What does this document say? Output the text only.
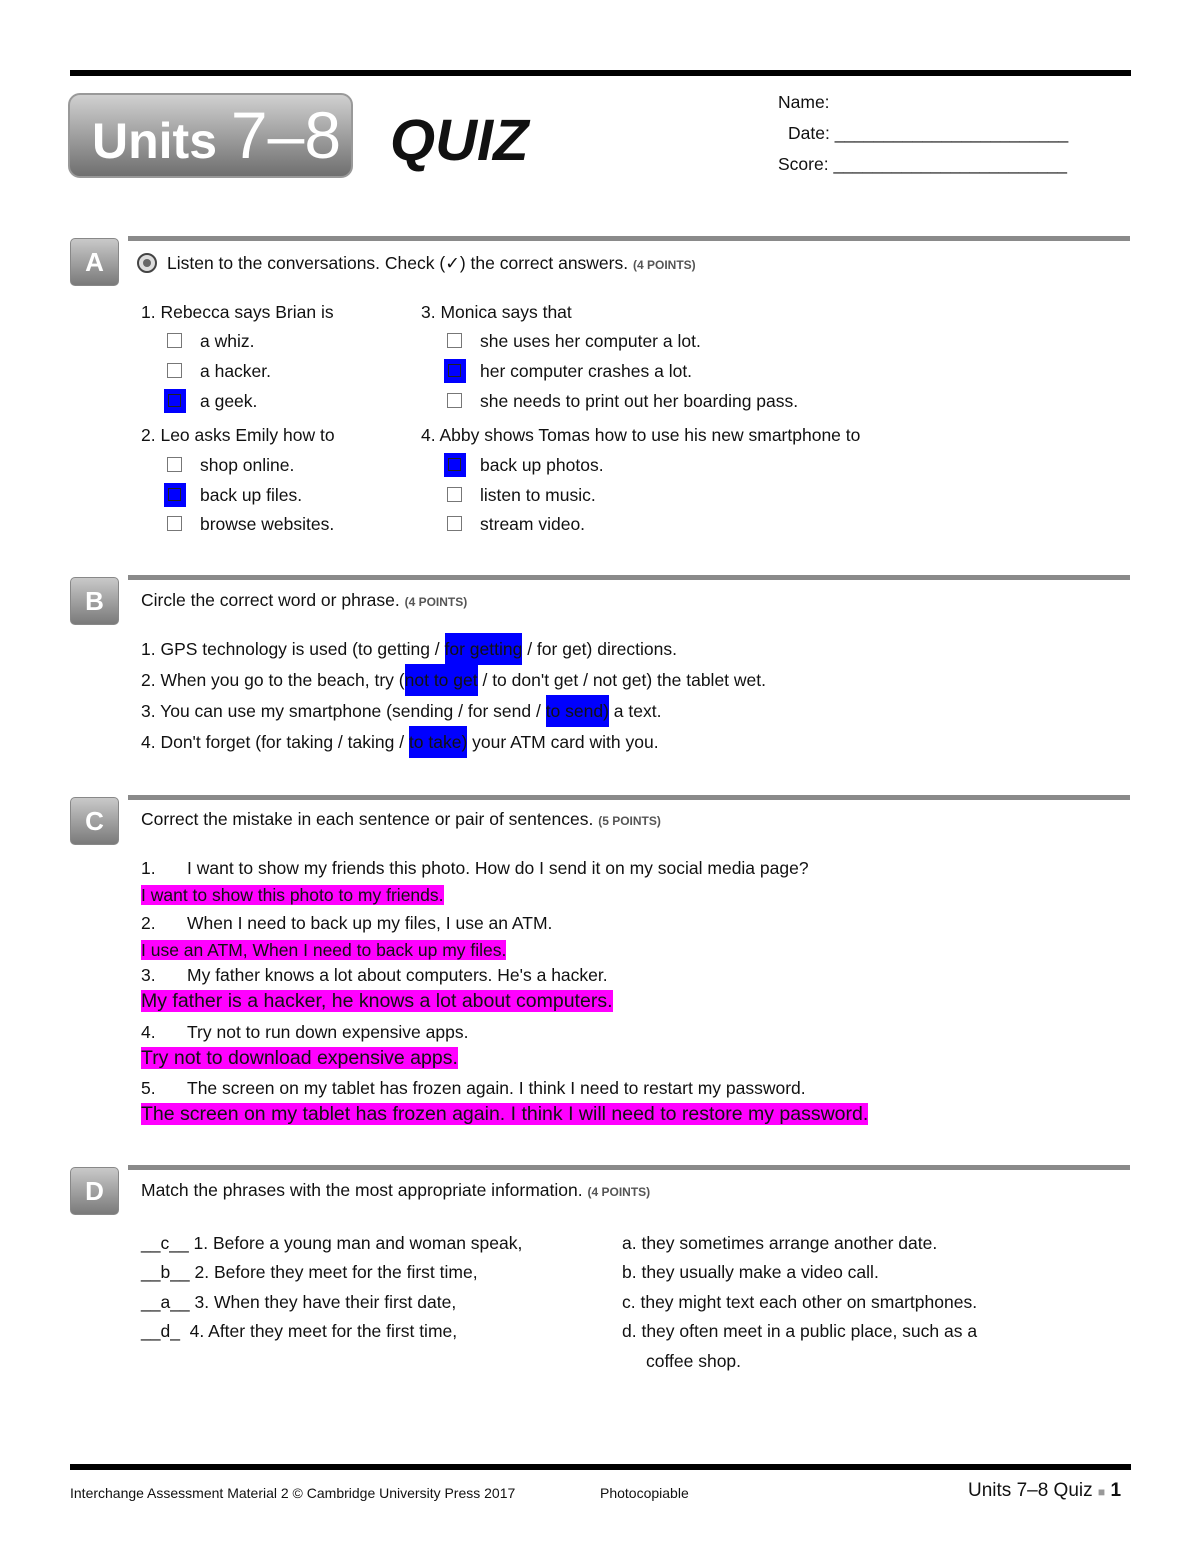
Units 7–8 QUIZ
Name:
Date: ________________________
Score: ________________________
A	Listen to the conversations. Check (✓) the correct answers. (4 POINTS)
1. Rebecca says Brian is
a whiz.
a hacker.
a geek.
2. Leo asks Emily how to
shop online.
back up files.
browse websites.
3. Monica says that
she uses her computer a lot.
her computer crashes a lot.
she needs to print out her boarding pass.
4. Abby shows Tomas how to use his new smartphone to
back up photos.
listen to music.
stream video.
B	Circle the correct word or phrase. (4 POINTS)
1. GPS technology is used (to getting / for getting / for get) directions.
2. When you go to the beach, try (not to get / to don't get / not get) the tablet wet.
3. You can use my smartphone (sending / for send / to send) a text.
4. Don't forget (for taking / taking / to take) your ATM card with you.
C	Correct the mistake in each sentence or pair of sentences. (5 POINTS)
1. I want to show my friends this photo. How do I send it on my social media page?
I want to show this photo to my friends.
2. When I need to back up my files, I use an ATM.
I use an ATM, When I need to back up my files.
3. My father knows a lot about computers. He's a hacker.
My father is a hacker, he knows a lot about computers.
4. Try not to run down expensive apps.
Try not to download expensive apps.
5. The screen on my tablet has frozen again. I think I need to restart my password.
The screen on my tablet has frozen again. I think I will need to restore my password.
D	Match the phrases with the most appropriate information. (4 POINTS)
__c__ 1. Before a young man and woman speak,
__b__ 2. Before they meet for the first time,
__a__ 3. When they have their first date,
__d_  4. After they meet for the first time,
a. they sometimes arrange another date.
b. they usually make a video call.
c. they might text each other on smartphones.
d. they often meet in a public place, such as a
coffee shop.
Interchange Assessment Material 2 © Cambridge University Press 2017	Photocopiable	Units 7–8 Quiz ■ 1
